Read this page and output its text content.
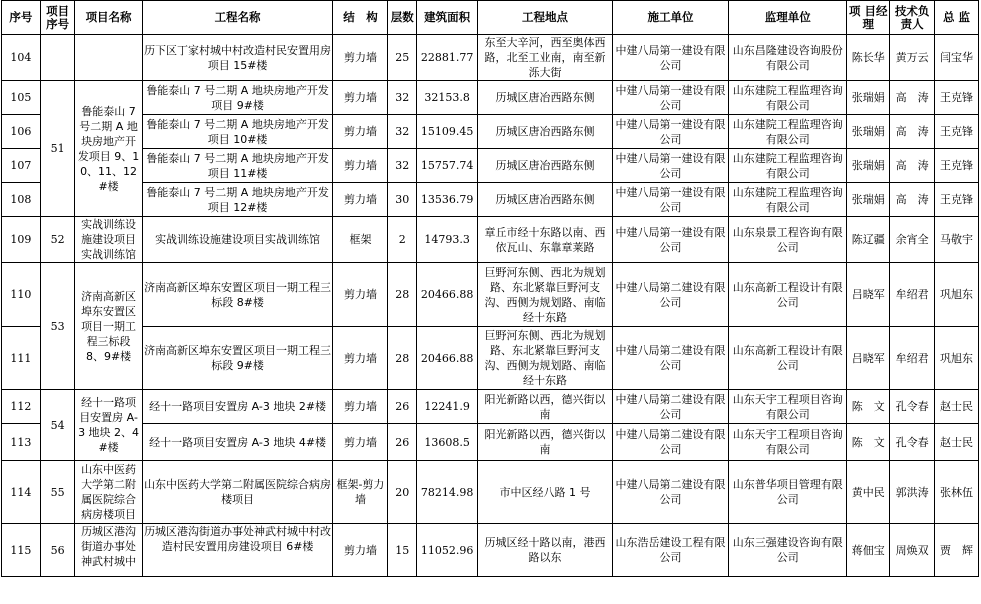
序号	项目序号	项目名称	工程名称	结　构	层数	建筑面积	工程地点	施工单位	监理单位	项 目经 理	技术负责人	总 监
104			历下区丁家村城中村改造村民安置用房项目 15#楼	剪力墙	25	22881.77	东至大辛河，西至奥体西路，北至工业南，南至新泺大街	中建八局第一建设有限公司	山东昌隆建设咨询股份有限公司	陈长华	黄万云	闫宝华
105	51	鲁能泰山 7 号二期 A 地块房地产开发项目 9、10、11、12#楼	鲁能泰山 7 号二期 A 地块房地产开发项目 9#楼	剪力墙	32	32153.8	历城区唐冶西路东侧	中建八局第一建设有限公司	山东建院工程监理咨询有限公司	张瑞娟	高　涛	王克锋
106			鲁能泰山 7 号二期 A 地块房地产开发项目 10#楼	剪力墙	32	15109.45	历城区唐冶西路东侧	中建八局第一建设有限公司	山东建院工程监理咨询有限公司	张瑞娟	高　涛	王克锋
107			鲁能泰山 7 号二期 A 地块房地产开发项目 11#楼	剪力墙	32	15757.74	历城区唐冶西路东侧	中建八局第一建设有限公司	山东建院工程监理咨询有限公司	张瑞娟	高　涛	王克锋
108			鲁能泰山 7 号二期 A 地块房地产开发项目 12#楼	剪力墙	30	13536.79	历城区唐冶西路东侧	中建八局第一建设有限公司	山东建院工程监理咨询有限公司	张瑞娟	高　涛	王克锋
109	52	实战训练设施建设项目实战训练馆	实战训练设施建设项目实战训练馆	框架	2	14793.3	章丘市经十东路以南、西依瓦山、东靠章莱路	中建八局第一建设有限公司	山东泉景工程咨询有限公司	陈辽疆	余宵全	马敬宇
110	53	济南高新区埠东安置区项目一期工程三标段 8、9#楼	济南高新区埠东安置区项目一期工程三标段 8#楼	剪力墙	28	20466.88	巨野河东侧、西北为规划路、东北紧靠巨野河支沟、西侧为规划路、南临经十东路	中建八局第二建设有限公司	山东高新工程设计有限公司	吕晓军	牟绍君	巩旭东
111			济南高新区埠东安置区项目一期工程三标段 9#楼	剪力墙	28	20466.88	巨野河东侧、西北为规划路、东北紧靠巨野河支沟、西侧为规划路、南临经十东路	中建八局第二建设有限公司	山东高新工程设计有限公司	吕晓军	牟绍君	巩旭东
112	54	经十一路项目安置房 A-3 地块 2、4#楼	经十一路项目安置房 A-3 地块 2#楼	剪力墙	26	12241.9	阳光新路以西，德兴街以南	中建八局第二建设有限公司	山东天宇工程项目咨询有限公司	陈　文	孔令春	赵士民
113			经十一路项目安置房 A-3 地块 4#楼	剪力墙	26	13608.5	阳光新路以西，德兴街以南	中建八局第二建设有限公司	山东天宇工程项目咨询有限公司	陈　文	孔令春	赵士民
114	55	山东中医药大学第二附属医院综合病房楼项目	山东中医药大学第二附属医院综合病房楼项目	框架-剪力墙	20	78214.98	市中区经八路 1 号	中建八局第二建设有限公司	山东普华项目管理有限公司	黄中民	郭洪涛	张林伍
115	56	历城区港沟街道办事处神武村城中	历城区港沟街道办事处神武村城中村改造村民安置用房建设项目 6#楼	剪力墙	15	11052.96	历城区经十路以南，港西路以东	山东浩岳建设工程有限公司	山东三强建设咨询有限公司	蒋佃宝	周焕双	贾　辉
